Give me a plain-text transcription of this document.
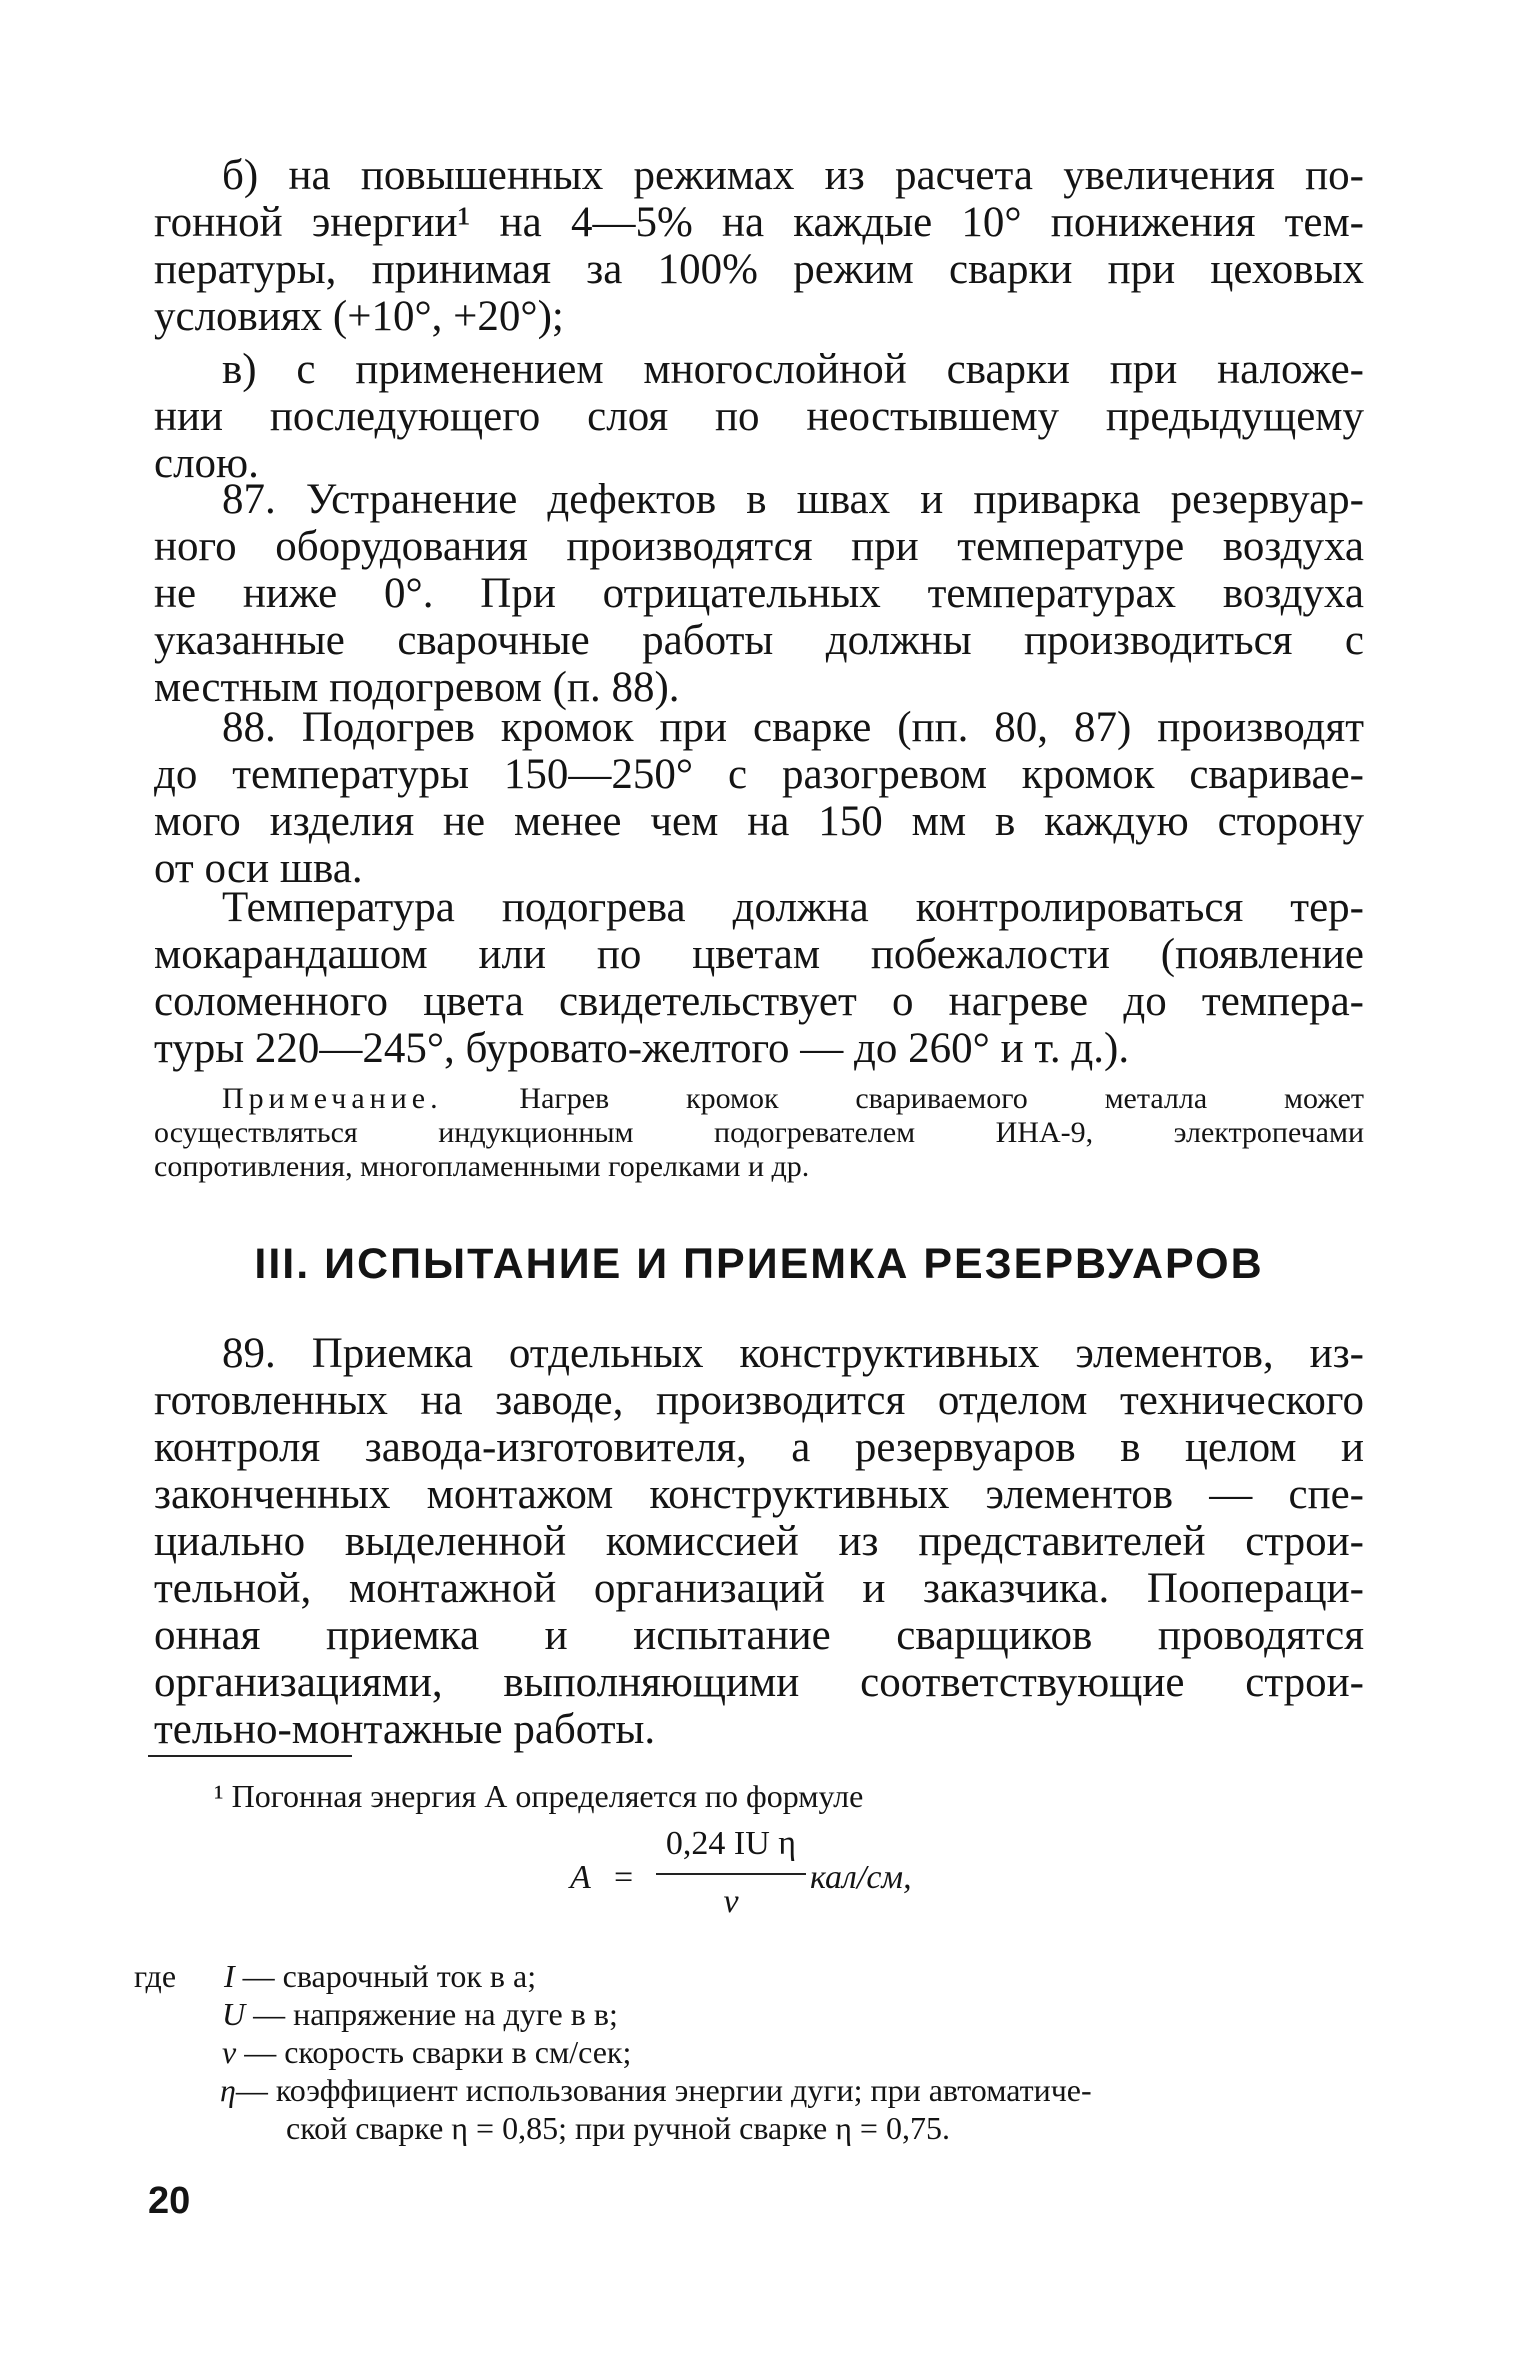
б) на повышенных режимах из расчета увеличения по-
гонной энергии¹ на 4—5% на каждые 10° понижения тем-
пературы, принимая за 100% режим сварки при цеховых
условиях (+10°, +20°);
в) с применением многослойной сварки при наложе-
нии последующего слоя по неостывшему предыдущему
слою.
87. Устранение дефектов в швах и приварка резервуар-
ного оборудования производятся при температуре воздуха
не ниже 0°. При отрицательных температурах воздуха
указанные сварочные работы должны производиться с
местным подогревом (п. 88).
88. Подогрев кромок при сварке (пп. 80, 87) производят
до температуры 150—250° с разогревом кромок сваривае-
мого изделия не менее чем на 150 мм в каждую сторону
от оси шва.
Температура подогрева должна контролироваться тер-
мокарандашом или по цветам побежалости (появление
соломенного цвета свидетельствует о нагреве до темпера-
туры 220—245°, буровато-желтого — до 260° и т. д.).
Примечание. Нагрев кромок свариваемого металла может
осуществляться индукционным подогревателем ИНА-9, электропечами
сопротивления, многопламенными горелками и др.
III. ИСПЫТАНИЕ И ПРИЕМКА РЕЗЕРВУАРОВ
89. Приемка отдельных конструктивных элементов, из-
готовленных на заводе, производится отделом технического
контроля завода-изготовителя, а резервуаров в целом и
законченных монтажом конструктивных элементов — спе-
циально выделенной комиссией из представителей строи-
тельной, монтажной организаций и заказчика. Пооперaци-
онная приемка и испытание сварщиков проводятся
организациями, выполняющими соответствующие строи-
тельно-монтажные работы.
¹ Погонная энергия А определяется по формуле
A =
0,24 IU η
v
кал/см,
где I — сварочный ток в а;
U — напряжение на дуге в в;
v — скорость сварки в см/сек;
η— коэффициент использования энергии дуги; при автоматиче-
ской сварке η = 0,85; при ручной сварке η = 0,75.
20
